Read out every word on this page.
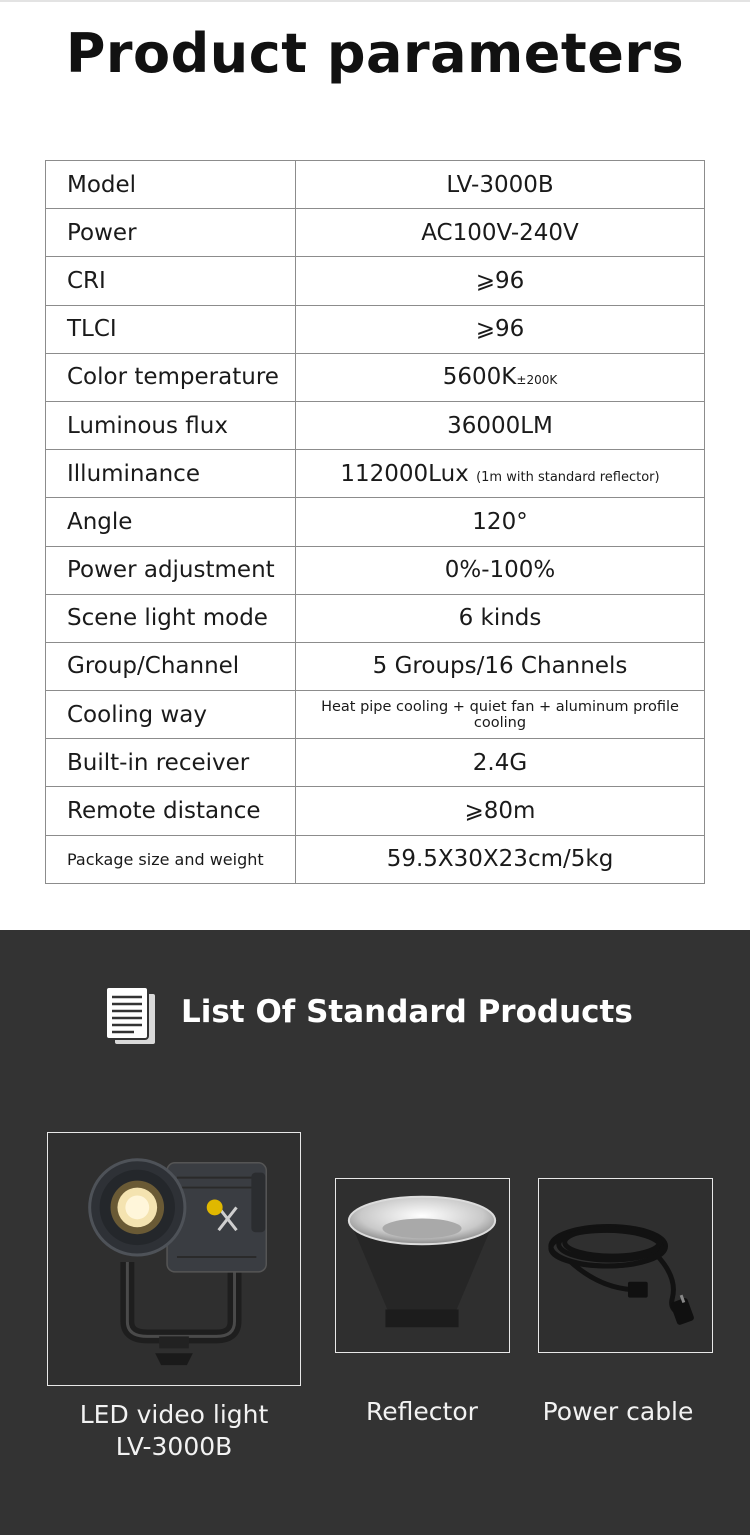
Product parameters
Model	LV-3000B
Power	AC100V-240V
CRI	⩾96
TLCI	⩾96
Color temperature	5600K±200K
Luminous flux	36000LM
Illuminance	112000Lux (1m with standard reflector)
Angle	120°
Power adjustment	0%-100%
Scene light mode	6 kinds
Group/Channel	5 Groups/16 Channels
Cooling way	Heat pipe cooling + quiet fan + aluminum profile cooling
Built-in receiver	2.4G
Remote distance	⩾80m
Package size and weight	59.5X30X23cm/5kg
List Of Standard Products
LED video light
LV-3000B
Reflector	Power cable
